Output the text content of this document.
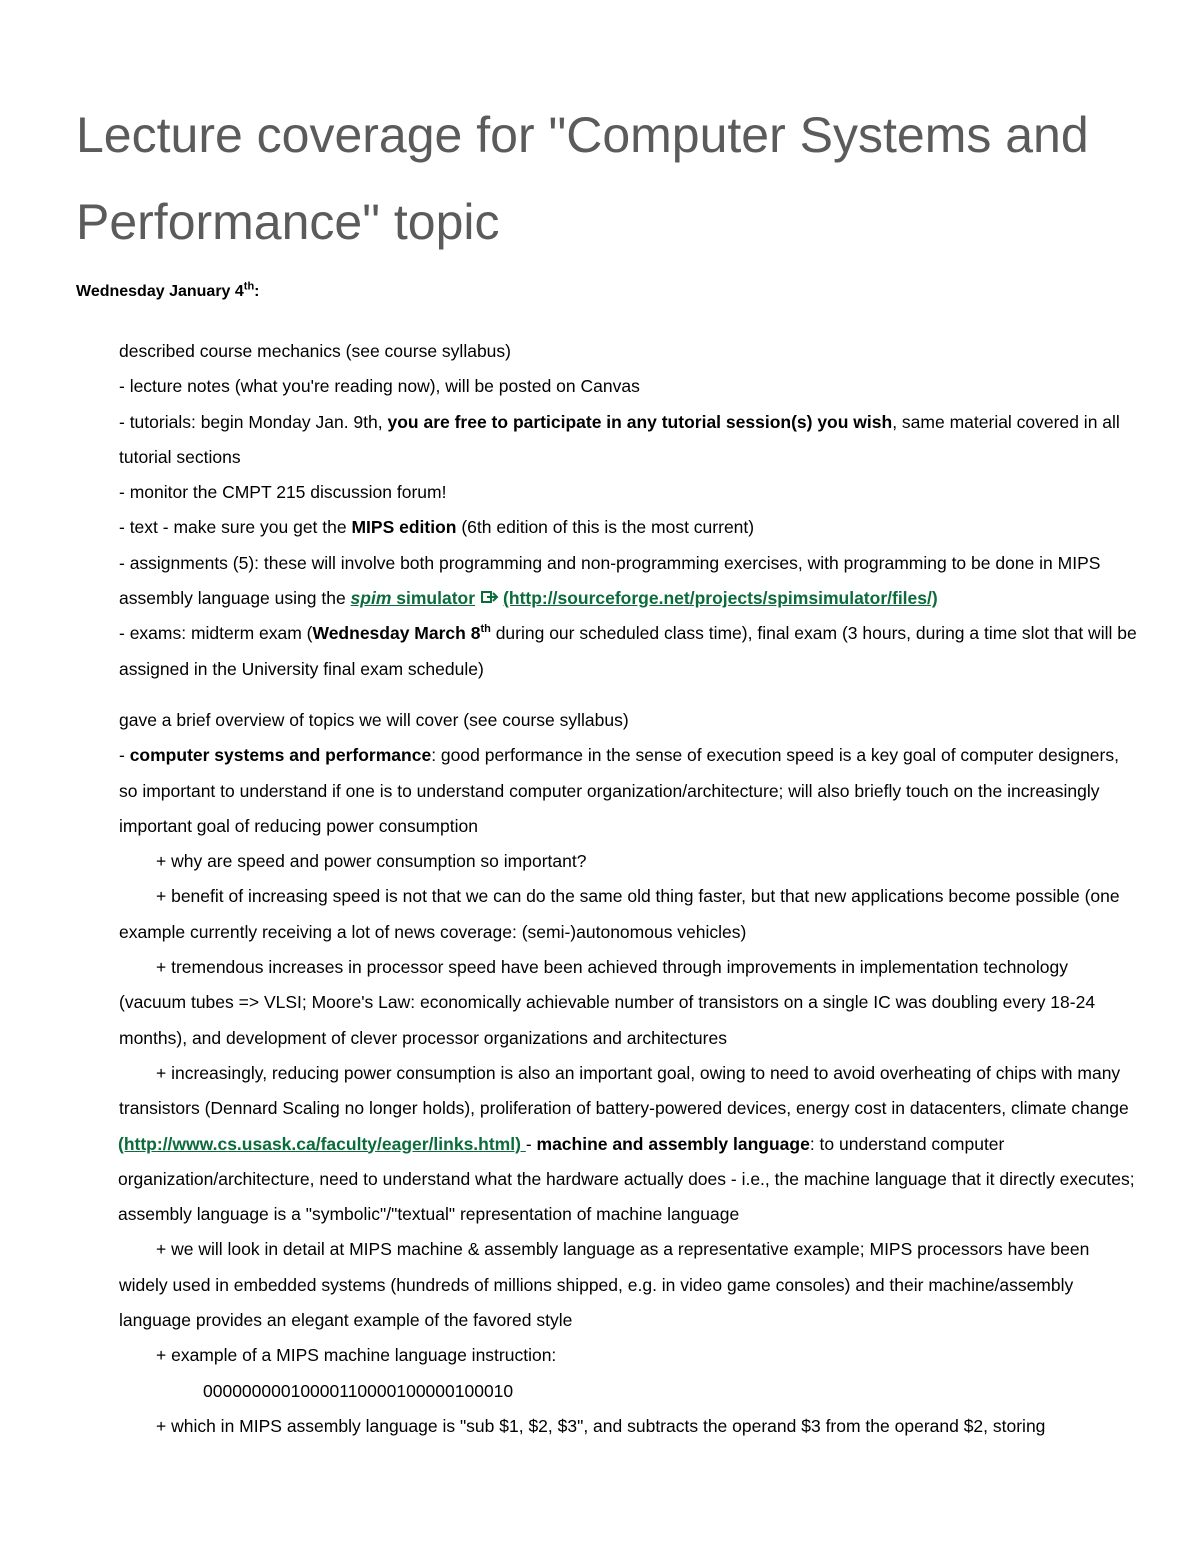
Lecture coverage for "Computer Systems and Performance" topic

Wednesday January 4th:

described course mechanics (see course syllabus)

- lecture notes (what you're reading now), will be posted on Canvas

- tutorials: begin Monday Jan. 9th, you are free to participate in any tutorial session(s) you wish, same material covered in all tutorial sections

- monitor the CMPT 215 discussion forum!

- text - make sure you get the MIPS edition (6th edition of this is the most current)

- assignments (5): these will involve both programming and non-programming exercises, with programming to be done in MIPS assembly language using the spim simulator (http://sourceforge.net/projects/spimsimulator/files/)

- exams: midterm exam (Wednesday March 8th during our scheduled class time), final exam (3 hours, during a time slot that will be assigned in the University final exam schedule)

gave a brief overview of topics we will cover (see course syllabus)

- computer systems and performance: good performance in the sense of execution speed is a key goal of computer designers, so important to understand if one is to understand computer organization/architecture; will also briefly touch on the increasingly important goal of reducing power consumption

+ why are speed and power consumption so important?

+ benefit of increasing speed is not that we can do the same old thing faster, but that new applications become possible (one example currently receiving a lot of news coverage: (semi-)autonomous vehicles)

+ tremendous increases in processor speed have been achieved through improvements in implementation technology (vacuum tubes => VLSI; Moore's Law: economically achievable number of transistors on a single IC was doubling every 18-24 months), and development of clever processor organizations and architectures

+ increasingly, reducing power consumption is also an important goal, owing to need to avoid overheating of chips with many transistors (Dennard Scaling no longer holds), proliferation of battery-powered devices, energy cost in datacenters, climate change

(http://www.cs.usask.ca/faculty/eager/links.html) - machine and assembly language: to understand computer organization/architecture, need to understand what the hardware actually does - i.e., the machine language that it directly executes; assembly language is a "symbolic"/"textual" representation of machine language

+ we will look in detail at MIPS machine & assembly language as a representative example; MIPS processors have been widely used in embedded systems (hundreds of millions shipped, e.g. in video game consoles) and their machine/assembly language provides an elegant example of the favored style

+ example of a MIPS machine language instruction:

00000000010000110000100000100010

+ which in MIPS assembly language is "sub $1, $2, $3", and subtracts the operand $3 from the operand $2, storing
